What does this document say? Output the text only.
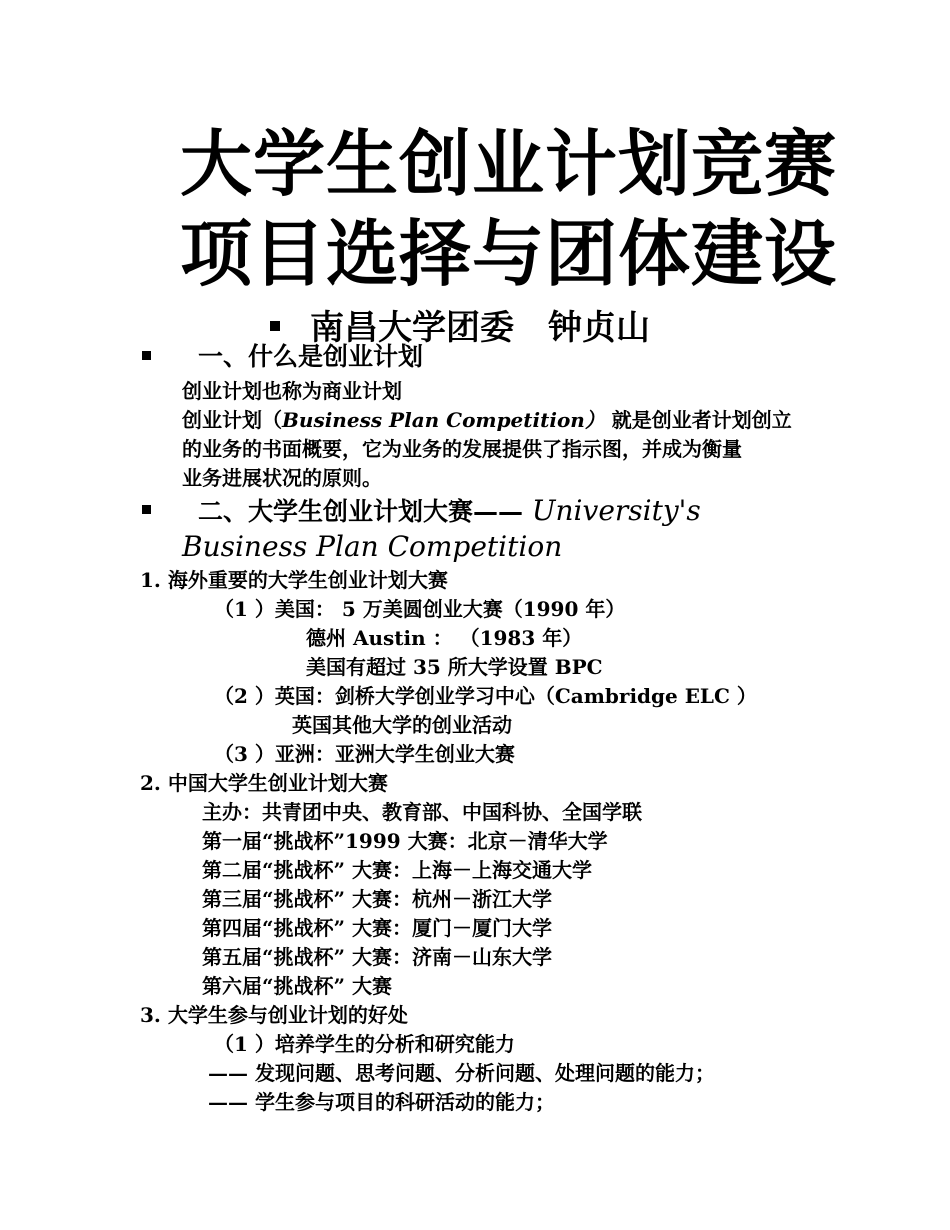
大学生创业计划竞赛
项目选择与团体建设
南昌大学团委　钟贞山
一、什么是创业计划
创业计划也称为商业计划
创业计划（Business Plan Competition） 就是创业者计划创立
的业务的书面概要，它为业务的发展提供了指示图，并成为衡量
业务进展状况的原则。
二、大学生创业计划大赛—— University's
Business Plan Competition
1. 海外重要的大学生创业计划大赛
（1 ）美国： 5 万美圆创业大赛（1990 年）
德州 Austin ： （1983 年）
美国有超过 35 所大学设置 BPC
（2 ）英国：剑桥大学创业学习中心（Cambridge ELC ）
英国其他大学的创业活动
（3 ）亚洲：亚洲大学生创业大赛
2. 中国大学生创业计划大赛
主办：共青团中央、教育部、中国科协、全国学联
第一届“挑战杯”1999 大赛：北京－清华大学
第二届“挑战杯” 大赛：上海－上海交通大学
第三届“挑战杯” 大赛：杭州－浙江大学
第四届“挑战杯” 大赛：厦门－厦门大学
第五届“挑战杯” 大赛：济南－山东大学
第六届“挑战杯” 大赛
3. 大学生参与创业计划的好处
（1 ）培养学生的分析和研究能力
—— 发现问题、思考问题、分析问题、处理问题的能力；
—— 学生参与项目的科研活动的能力；
